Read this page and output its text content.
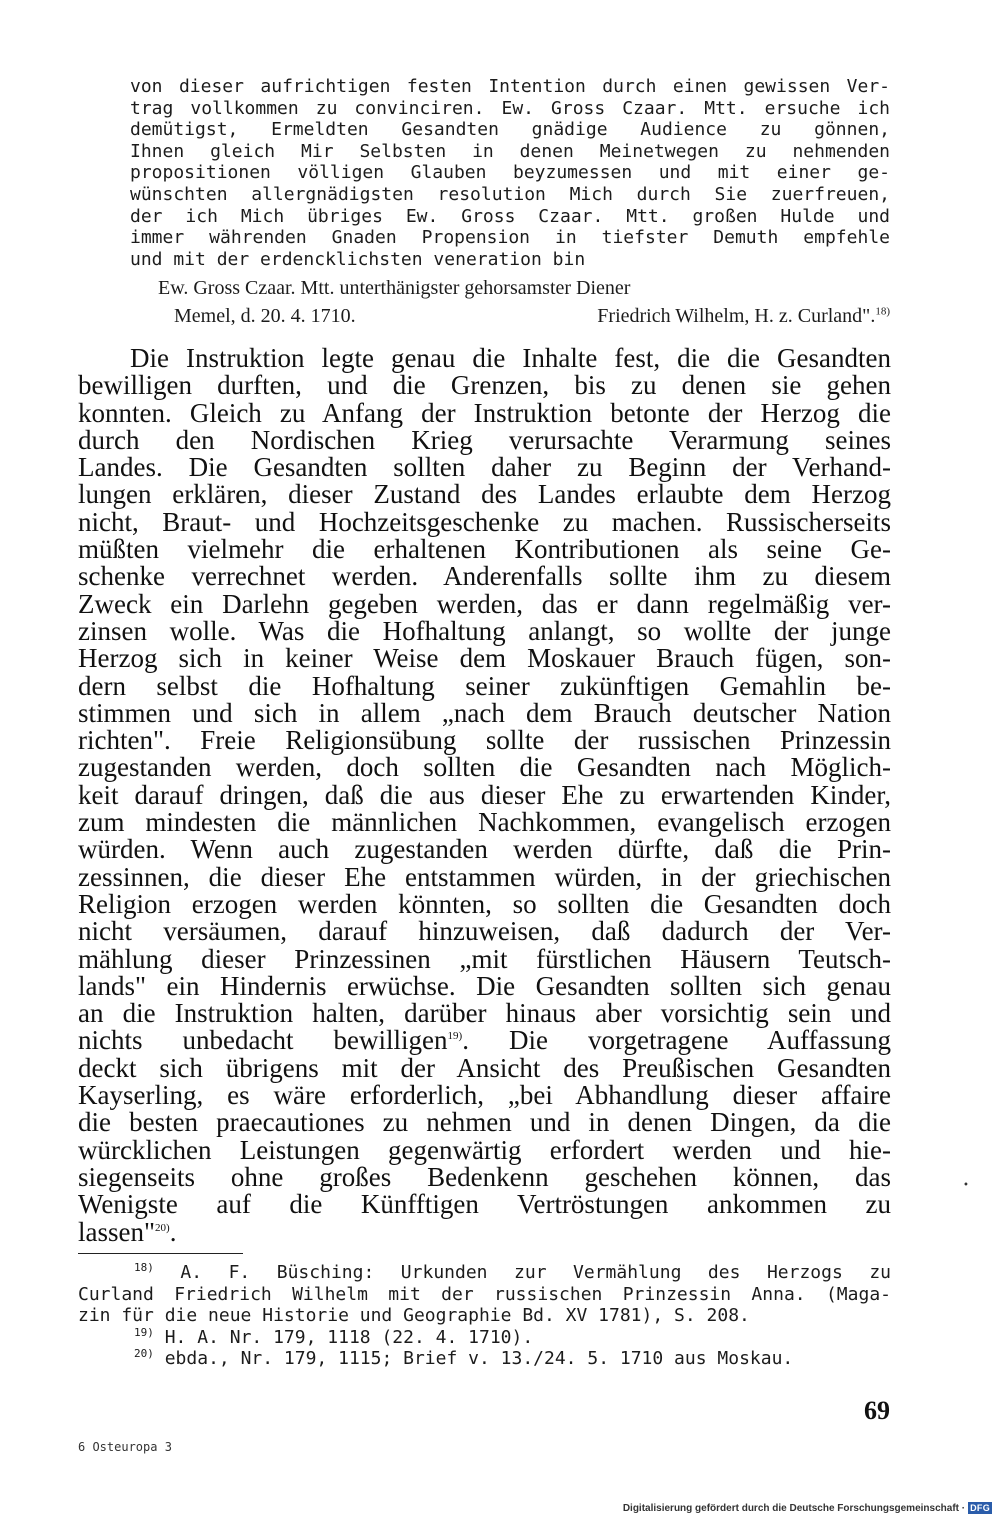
von dieser aufrichtigen festen Intention durch einen gewissen Ver-
trag vollkommen zu convinciren. Ew. Gross Czaar. Mtt. ersuche ich
demütigst, Ermeldten Gesandten gnädige Audience zu gönnen,
Ihnen gleich Mir Selbsten in denen Meinetwegen zu nehmenden
propositionen völligen Glauben beyzumessen und mit einer ge-
wünschten allergnädigsten resolution Mich durch Sie zuerfreuen,
der ich Mich übriges Ew. Gross Czaar. Mtt. großen Hulde und
immer währenden Gnaden Propension in tiefster Demuth empfehle
und mit der erdencklichsten veneration bin
Ew. Gross Czaar. Mtt. unterthänigster gehorsamster Diener
Memel, d. 20. 4. 1710.	Friedrich Wilhelm, H. z. Curland".$^{18)}$
Die Instruktion legte genau die Inhalte fest, die die Gesandten
bewilligen durften, und die Grenzen, bis zu denen sie gehen
konnten. Gleich zu Anfang der Instruktion betonte der Herzog die
durch den Nordischen Krieg verursachte Verarmung seines
Landes. Die Gesandten sollten daher zu Beginn der Verhand-
lungen erklären, dieser Zustand des Landes erlaubte dem Herzog
nicht, Braut- und Hochzeitsgeschenke zu machen. Russischerseits
müßten vielmehr die erhaltenen Kontributionen als seine Ge-
schenke verrechnet werden. Anderenfalls sollte ihm zu diesem
Zweck ein Darlehn gegeben werden, das er dann regelmäßig ver-
zinsen wolle. Was die Hofhaltung anlangt, so wollte der junge
Herzog sich in keiner Weise dem Moskauer Brauch fügen, son-
dern selbst die Hofhaltung seiner zukünftigen Gemahlin be-
stimmen und sich in allem „nach dem Brauch deutscher Nation
richten". Freie Religionsübung sollte der russischen Prinzessin
zugestanden werden, doch sollten die Gesandten nach Möglich-
keit darauf dringen, daß die aus dieser Ehe zu erwartenden Kinder,
zum mindesten die männlichen Nachkommen, evangelisch erzogen
würden. Wenn auch zugestanden werden dürfte, daß die Prin-
zessinnen, die dieser Ehe entstammen würden, in der griechischen
Religion erzogen werden könnten, so sollten die Gesandten doch
nicht versäumen, darauf hinzuweisen, daß dadurch der Ver-
mählung dieser Prinzessinen „mit fürstlichen Häusern Teutsch-
lands" ein Hindernis erwüchse. Die Gesandten sollten sich genau
an die Instruktion halten, darüber hinaus aber vorsichtig sein und
nichts unbedacht bewilligen$^{19)}$. Die vorgetragene Auffassung
deckt sich übrigens mit der Ansicht des Preußischen Gesandten
Kayserling, es wäre erforderlich, „bei Abhandlung dieser affaire
die besten praecautiones zu nehmen und in denen Dingen, da die
würcklichen Leistungen gegenwärtig erfordert werden und hie-
siegenseits ohne großes Bedenkenn geschehen können, das
Wenigste auf die Künfftigen Vertröstungen ankommen zu
lassen"$^{20)}$.
$^{18)}$ A. F. Büsching: Urkunden zur Vermählung des Herzogs zu
Curland Friedrich Wilhelm mit der russischen Prinzessin Anna. (Maga-
zin für die neue Historie und Geographie Bd. XV 1781), S. 208.
$^{19)}$ H. A. Nr. 179, 1118 (22. 4. 1710).
$^{20)}$ ebda., Nr. 179, 1115; Brief v. 13./24. 5. 1710 aus Moskau.
•
69
6 Osteuropa 3
Digitalisierung gefördert durch die Deutsche Forschungsgemeinschaft · DFG
